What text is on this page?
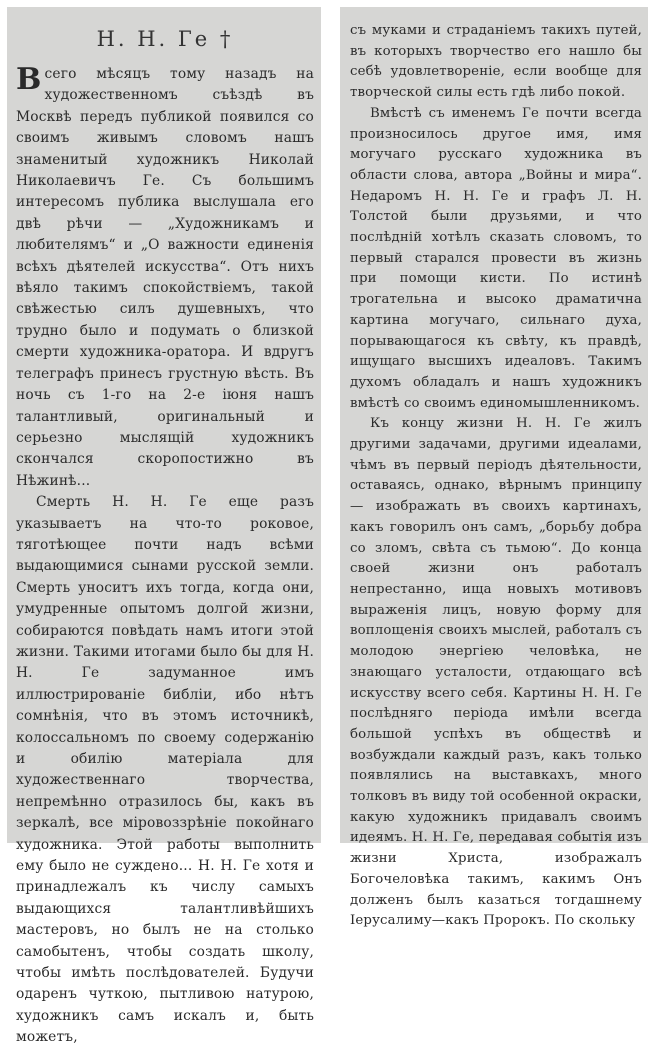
Н. Н. Ге †

Всего мѣсяцъ тому назадъ на художественномъ съѣздѣ въ Москвѣ передъ публикой появился со своимъ живымъ словомъ нашъ знаменитый художникъ Николай Николаевичъ Ге. Съ большимъ интересомъ публика выслушала его двѣ рѣчи — „Художникамъ и любителямъ“ и „О важности единенія всѣхъ дѣятелей искусства“. Отъ нихъ вѣяло такимъ спокойствіемъ, такой свѣжестью силъ душевныхъ, что трудно было и подумать о близкой смерти художника-оратора. И вдругъ телеграфъ принесъ грустную вѣсть. Въ ночь съ 1-го на 2-е іюня нашъ талантливый, оригинальный и серьезно мыслящій художникъ скончался скоропостижно въ Нѣжинѣ...

Смерть Н. Н. Ге еще разъ указываетъ на что-то роковое, тяготѣющее почти надъ всѣми выдающимися сынами русской земли. Смерть уноситъ ихъ тогда, когда они, умудренные опытомъ долгой жизни, собираются повѣдать намъ итоги этой жизни. Такими итогами было бы для Н. Н. Ге задуманное имъ иллюстрированіе библіи, ибо нѣтъ сомнѣнія, что въ этомъ источникѣ, колоссальномъ по своему содержанію и обилію матеріала для художественнаго творчества, непремѣнно отразилось бы, какъ въ зеркалѣ, все міровоззрѣніе покойнаго художника. Этой работы выполнить ему было не суждено... Н. Н. Ге хотя и принадлежалъ къ числу самыхъ выдающихся талантливѣйшихъ мастеровъ, но былъ не на столько самобытенъ, чтобы создать школу, чтобы имѣть послѣдователей. Будучи одаренъ чуткою, пытливою натурою, художникъ самъ искалъ и, быть можетъ,

съ муками и страданіемъ такихъ путей, въ которыхъ творчество его нашло бы себѣ удовлетвореніе, если вообще для творческой силы есть гдѣ либо покой.

Вмѣстѣ съ именемъ Ге почти всегда произносилось другое имя, имя могучаго русскаго художника въ области слова, автора „Войны и мира“. Недаромъ Н. Н. Ге и графъ Л. Н. Толстой были друзьями, и что послѣдній хотѣлъ сказать словомъ, то первый старался провести въ жизнь при помощи кисти. По истинѣ трогательна и высоко драматична картина могучаго, сильнаго духа, порывающагося къ свѣту, къ правдѣ, ищущаго высшихъ идеаловъ. Такимъ духомъ обладалъ и нашъ художникъ вмѣстѣ со своимъ единомышленникомъ.

Къ концу жизни Н. Н. Ге жилъ другими задачами, другими идеалами, чѣмъ въ первый періодъ дѣятельности, оставаясь, однако, вѣрнымъ принципу — изображать въ своихъ картинахъ, какъ говорилъ онъ самъ, „борьбу добра со зломъ, свѣта съ тьмою“. До конца своей жизни онъ работалъ непрестанно, ища новыхъ мотивовъ выраженія лицъ, новую форму для воплощенія своихъ мыслей, работалъ съ молодою энергіею человѣка, не знающаго усталости, отдающаго всѣ искусству всего себя. Картины Н. Н. Ге послѣдняго періода имѣли всегда большой успѣхъ въ обществѣ и возбуждали каждый разъ, какъ только появлялись на выставкахъ, много толковъ въ виду той особенной окраски, какую художникъ придавалъ своимъ идеямъ. Н. Н. Ге, передавая событія изъ жизни Христа, изображалъ Богочеловѣка такимъ, какимъ Онъ долженъ былъ казаться тогдашнему Іерусалиму—какъ Пророкъ. По скольку
